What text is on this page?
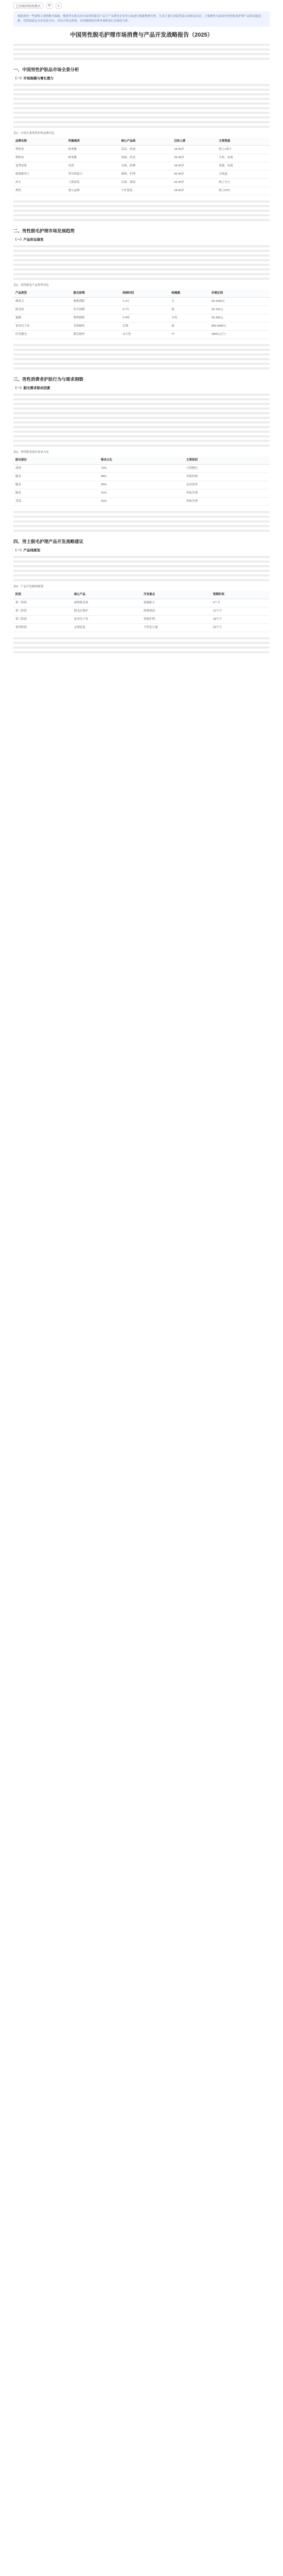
已切换到深度模式	⧉	↻
根据你的一些洞察主观判断并编辑，搜索所有相关的中国男性脱毛产品生产及销售企业等方面进行数据整理分析，生成主要行业趋势及市场格局信息，主要聚焦当前国内男性脱毛护理产品的功能创新、营销渠道及未来发展方向，并结合相关政策、市场数据和消费者调研进行多维度分析。
中国男性脱毛护理市场消费与产品开发战略报告（2025）
一、中国男性护肤品市场全景分析
（一）市场规模与增长潜力
表1：中国主要男性护肤品牌对比
品牌名称	所属集团	核心产品线	目标人群	主要渠道
理肤泉	欧莱雅	清洁、控油	18-35岁	线上+线下
碧欧泉	欧莱雅	保湿、抗老	25-45岁	专柜、电商
曼秀雷敦	乐敦	洁面、防晒	18-30岁	商超、电商
妮维雅男士	拜尔斯道夫	剃须、护理	20-40岁	全渠道
高夫	上海家化	洁面、保湿	22-40岁	线上为主
理然	独立品牌	个护套装	18-30岁	线上DTC
二、男性脱毛护理市场发展趋势
（一）产品形态演变
表2：男性脱毛产品类型对比
产品类型	脱毛原理	持续时间	疼痛感	价格区间
剃须刀	物理刮除	1-3天	无	50-2000元
脱毛膏	化学溶解	3-7天	低	30-150元
蜜蜡	物理拔除	2-4周	中高	50-300元
家用光子仪	光热破坏	长期	低	800-3000元
医美激光	激光破坏	永久性	中	3000元以上
三、男性消费者护肤行为与需求洞察
（一）脱毛需求驱动因素
表3：男性脱毛部位需求占比
脱毛部位	需求占比	主要原因
胡须	72%	日常整洁
腋毛	48%	异味控制
腿毛	35%	运动需求
胸毛	22%	形象美观
背部	15%	形象美观
四、男士脱毛护理产品开发战略建议
（一）产品线规划
表4：产品开发路线规划
阶段	核心产品	开发重点	预期时间
第一阶段	温和脱毛膏	低敏配方	6个月
第二阶段	脱毛后修护	舒缓保湿	12个月
第三阶段	家用光子仪	智能护理	18个月
第四阶段	定制套装	个性化方案	24个月
